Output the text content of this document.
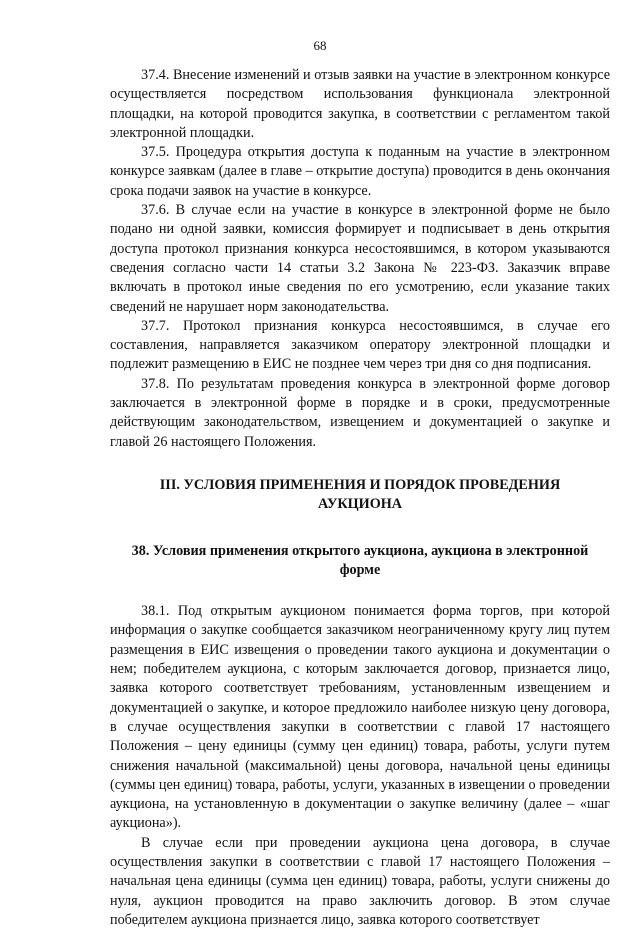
68

37.4. Внесение изменений и отзыв заявки на участие в электронном конкурсе осуществляется посредством использования функционала электронной площадки, на которой проводится закупка, в соответствии с регламентом такой электронной площадки.

37.5. Процедура открытия доступа к поданным на участие в электронном конкурсе заявкам (далее в главе – открытие доступа) проводится в день окончания срока подачи заявок на участие в конкурсе.

37.6. В случае если на участие в конкурсе в электронной форме не было подано ни одной заявки, комиссия формирует и подписывает в день открытия доступа протокол признания конкурса несостоявшимся, в котором указываются сведения согласно части 14 статьи 3.2 Закона № 223-ФЗ. Заказчик вправе включать в протокол иные сведения по его усмотрению, если указание таких сведений не нарушает норм законодательства.

37.7. Протокол признания конкурса несостоявшимся, в случае его составления, направляется заказчиком оператору электронной площадки и подлежит размещению в ЕИС не позднее чем через три дня со дня подписания.

37.8. По результатам проведения конкурса в электронной форме договор заключается в электронной форме в порядке и в сроки, предусмотренные действующим законодательством, извещением и документацией о закупке и главой 26 настоящего Положения.

III. УСЛОВИЯ ПРИМЕНЕНИЯ И ПОРЯДОК ПРОВЕДЕНИЯ
АУКЦИОНА
38. Условия применения открытого аукциона, аукциона в электронной
форме

38.1. Под открытым аукционом понимается форма торгов, при которой информация о закупке сообщается заказчиком неограниченному кругу лиц путем размещения в ЕИС извещения о проведении такого аукциона и документации о нем; победителем аукциона, с которым заключается договор, признается лицо, заявка которого соответствует требованиям, установленным извещением и документацией о закупке, и которое предложило наиболее низкую цену договора, в случае осуществления закупки в соответствии с главой 17 настоящего Положения – цену единицы (сумму цен единиц) товара, работы, услуги путем снижения начальной (максимальной) цены договора, начальной цены единицы (суммы цен единиц) товара, работы, услуги, указанных в извещении о проведении аукциона, на установленную в документации о закупке величину (далее – «шаг аукциона»).

В случае если при проведении аукциона цена договора, в случае осуществления закупки в соответствии с главой 17 настоящего Положения – начальная цена единицы (сумма цен единиц) товара, работы, услуги снижены до нуля, аукцион проводится на право заключить договор. В этом случае победителем аукциона признается лицо, заявка которого соответствует
